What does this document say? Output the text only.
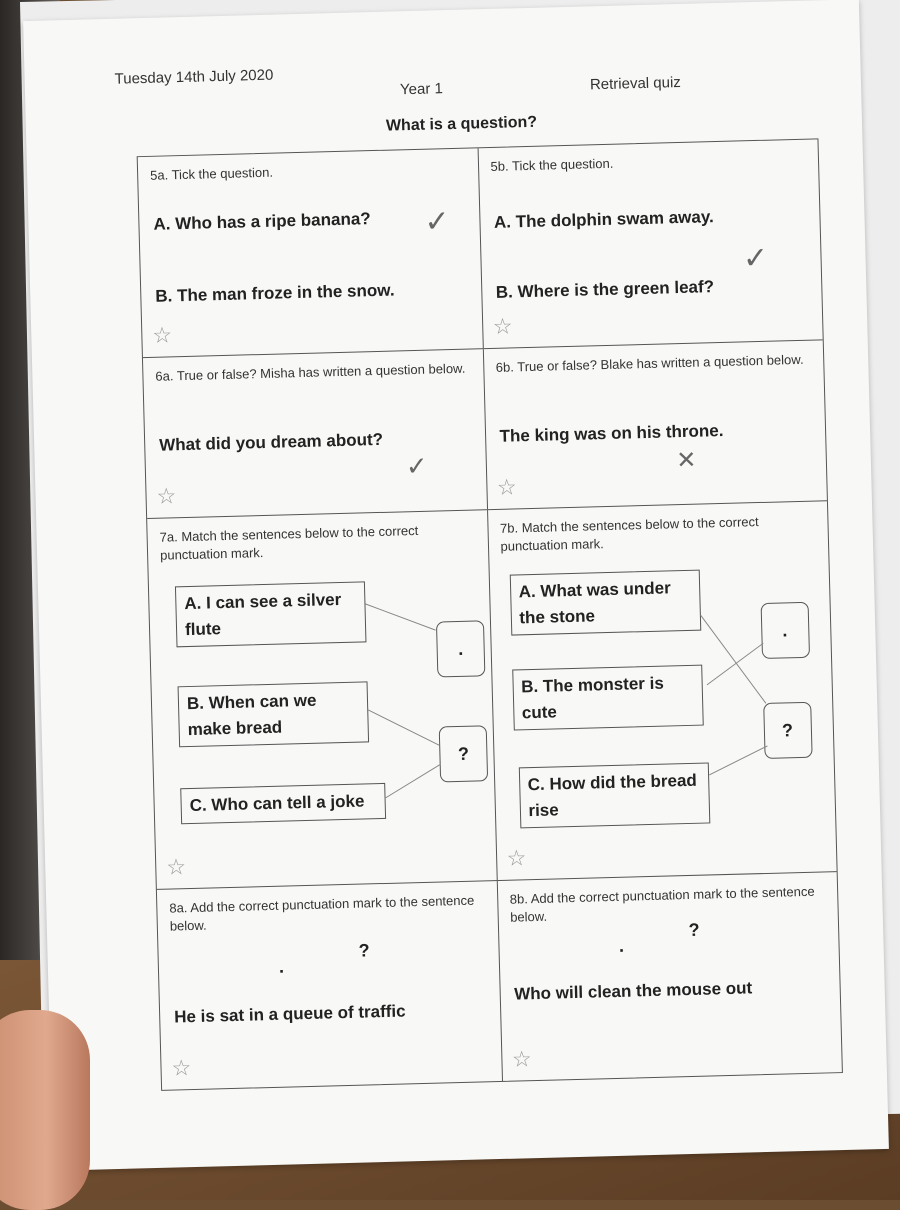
Tuesday 14th July 2020
Year 1	Retrieval quiz
What is a question?
5a. Tick the question.
A. Who has a ripe banana?
B. The man froze in the snow.
✓
☆
5b. Tick the question.
A. The dolphin swam away.
B. Where is the green leaf?
✓
☆
6a. True or false? Misha has written a question below.
What did you dream about?
✓
☆
6b. True or false? Blake has written a question below.
The king was on his throne.
✕
☆
7a. Match the sentences below to the correct punctuation mark.
A. I can see a silver flute
B. When can we make bread
C. Who can tell a joke
.
?
☆
7b. Match the sentences below to the correct punctuation mark.
A. What was under the stone
B. The monster is cute
C. How did the bread rise
.
?
☆
8a. Add the correct punctuation mark to the sentence below.
.
?
He is sat in a queue of traffic
☆
8b. Add the correct punctuation mark to the sentence below.
.
?
Who will clean the mouse out
☆
